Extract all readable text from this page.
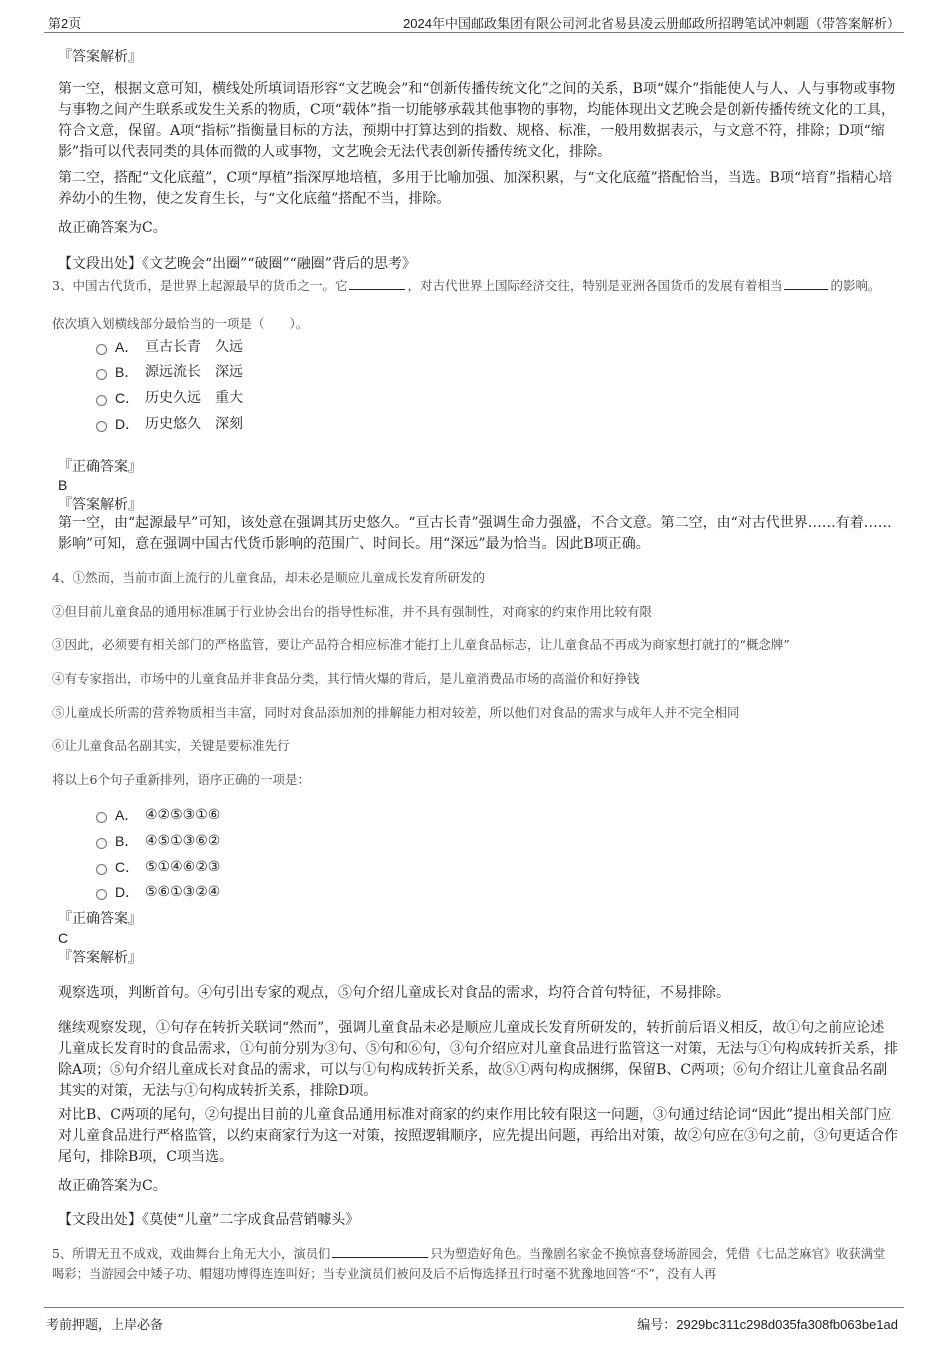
第2页	2024年中国邮政集团有限公司河北省易县凌云册邮政所招聘笔试冲刺题（带答案解析）
『答案解析』
第一空，根据文意可知，横线处所填词语形容“文艺晚会”和“创新传播传统文化”之间的关系，B项“媒介”指能使人与人、人与事物或事物与事物之间产生联系或发生关系的物质，C项“载体”指一切能够承载其他事物的事物，均能体现出文艺晚会是创新传播传统文化的工具，符合文意，保留。A项“指标”指衡量目标的方法，预期中打算达到的指数、规格、标准，一般用数据表示，与文意不符，排除；D项“缩影”指可以代表同类的具体而微的人或事物，文艺晚会无法代表创新传播传统文化，排除。
第二空，搭配“文化底蕴”，C项“厚植”指深厚地培植，多用于比喻加强、加深积累，与“文化底蕴”搭配恰当，当选。B项“培育”指精心培养幼小的生物，使之发育生长，与“文化底蕴”搭配不当，排除。
故正确答案为C。
【文段出处】《文艺晚会“出圈”“破圈”“融圈”背后的思考》
3、中国古代货币，是世界上起源最早的货币之一。它	，对古代世界上国际经济交往，特别是亚洲各国货币的发展有着相当	的影响。
依次填入划横线部分最恰当的一项是（　　）。
A． 亘古长青　久远
B． 源远流长　深远
C． 历史久远　重大
D． 历史悠久　深刻
『正确答案』
B
『答案解析』
第一空，由“起源最早”可知，该处意在强调其历史悠久。“亘古长青”强调生命力强盛，不合文意。第二空，由“对古代世界……有着……影响”可知，意在强调中国古代货币影响的范围广、时间长。用“深远”最为恰当。因此B项正确。
4、①然而，当前市面上流行的儿童食品，却未必是顺应儿童成长发育所研发的
②但目前儿童食品的通用标准属于行业协会出台的指导性标准，并不具有强制性，对商家的约束作用比较有限
③因此，必须要有相关部门的严格监管，要让产品符合相应标准才能打上儿童食品标志，让儿童食品不再成为商家想打就打的“概念牌”
④有专家指出，市场中的儿童食品并非食品分类，其行情火爆的背后，是儿童消费品市场的高溢价和好挣钱
⑤儿童成长所需的营养物质相当丰富，同时对食品添加剂的排解能力相对较差，所以他们对食品的需求与成年人并不完全相同
⑥让儿童食品名副其实，关键是要标准先行
将以上6个句子重新排列，语序正确的一项是：
A． ④②⑤③①⑥
B． ④⑤①③⑥②
C． ⑤①④⑥②③
D． ⑤⑥①③②④
『正确答案』
C
『答案解析』
观察选项，判断首句。④句引出专家的观点，⑤句介绍儿童成长对食品的需求，均符合首句特征，不易排除。
继续观察发现，①句存在转折关联词“然而”，强调儿童食品未必是顺应儿童成长发育所研发的，转折前后语义相反，故①句之前应论述儿童成长发育时的食品需求，①句前分别为③句、⑤句和⑥句，③句介绍应对儿童食品进行监管这一对策，无法与①句构成转折关系，排除A项；⑤句介绍儿童成长对食品的需求，可以与①句构成转折关系，故⑤①两句构成捆绑，保留B、C两项；⑥句介绍让儿童食品名副其实的对策，无法与①句构成转折关系，排除D项。
对比B、C两项的尾句，②句提出目前的儿童食品通用标准对商家的约束作用比较有限这一问题，③句通过结论词“因此”提出相关部门应对儿童食品进行严格监管，以约束商家行为这一对策，按照逻辑顺序，应先提出问题，再给出对策，故②句应在③句之前，③句更适合作尾句，排除B项，C项当选。
故正确答案为C。
【文段出处】《莫使“儿童”二字成食品营销噱头》
5、所谓无丑不成戏，戏曲舞台上角无大小，演员们	只为塑造好角色。当豫剧名家金不换惊喜登场游园会，凭借《七品芝麻官》收获满堂喝彩；当游园会中矮子功、帽翅功博得连连叫好；当专业演员们被问及后不后悔选择丑行时毫不犹豫地回答“不”，没有人再
考前押题，上岸必备	编号：2929bc311c298d035fa308fb063be1ad
